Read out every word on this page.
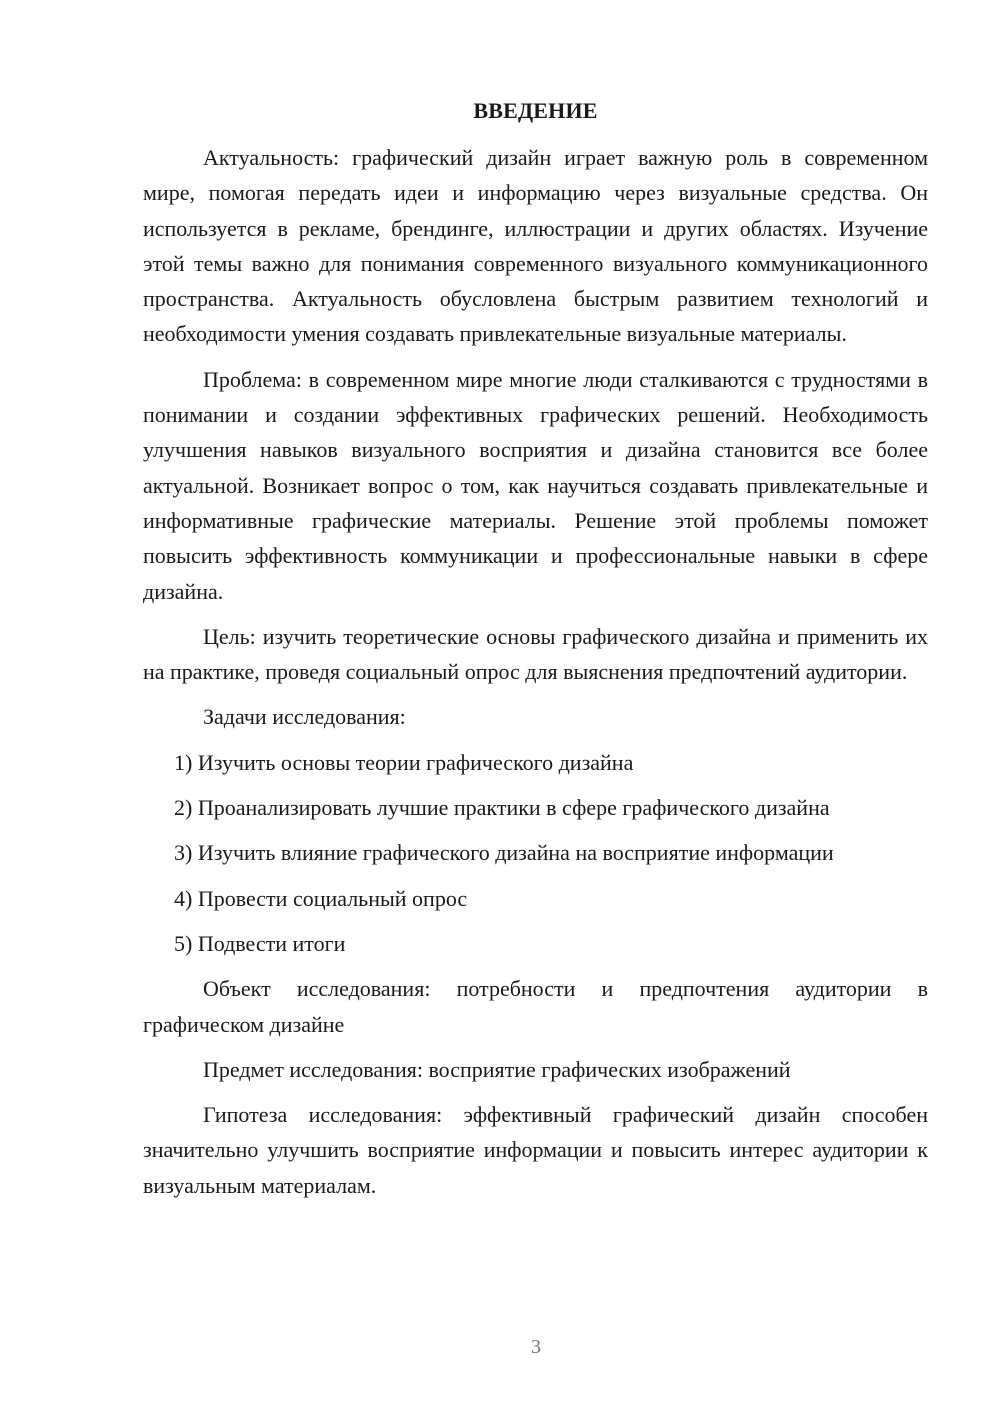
ВВЕДЕНИЕ

Актуальность: графический дизайн играет важную роль в современном мире, помогая передать идеи и информацию через визуальные средства. Он используется в рекламе, брендинге, иллюстрации и других областях. Изучение этой темы важно для понимания современного визуального коммуникационного пространства. Актуальность обусловлена быстрым развитием технологий и необходимости умения создавать привлекательные визуальные материалы.

Проблема: в современном мире многие люди сталкиваются с трудностями в понимании и создании эффективных графических решений. Необходимость улучшения навыков визуального восприятия и дизайна становится все более актуальной. Возникает вопрос о том, как научиться создавать привлекательные и информативные графические материалы. Решение этой проблемы поможет повысить эффективность коммуникации и профессиональные навыки в сфере дизайна.

Цель: изучить теоретические основы графического дизайна и применить их на практике, проведя социальный опрос для выяснения предпочтений аудитории.

Задачи исследования:

1) Изучить основы теории графического дизайна

2) Проанализировать лучшие практики в сфере графического дизайна

3) Изучить влияние графического дизайна на восприятие информации

4) Провести социальный опрос

5) Подвести итоги

Объект исследования: потребности и предпочтения аудитории в графическом дизайне

Предмет исследования: восприятие графических изображений

Гипотеза исследования: эффективный графический дизайн способен значительно улучшить восприятие информации и повысить интерес аудитории к визуальным материалам.

3
